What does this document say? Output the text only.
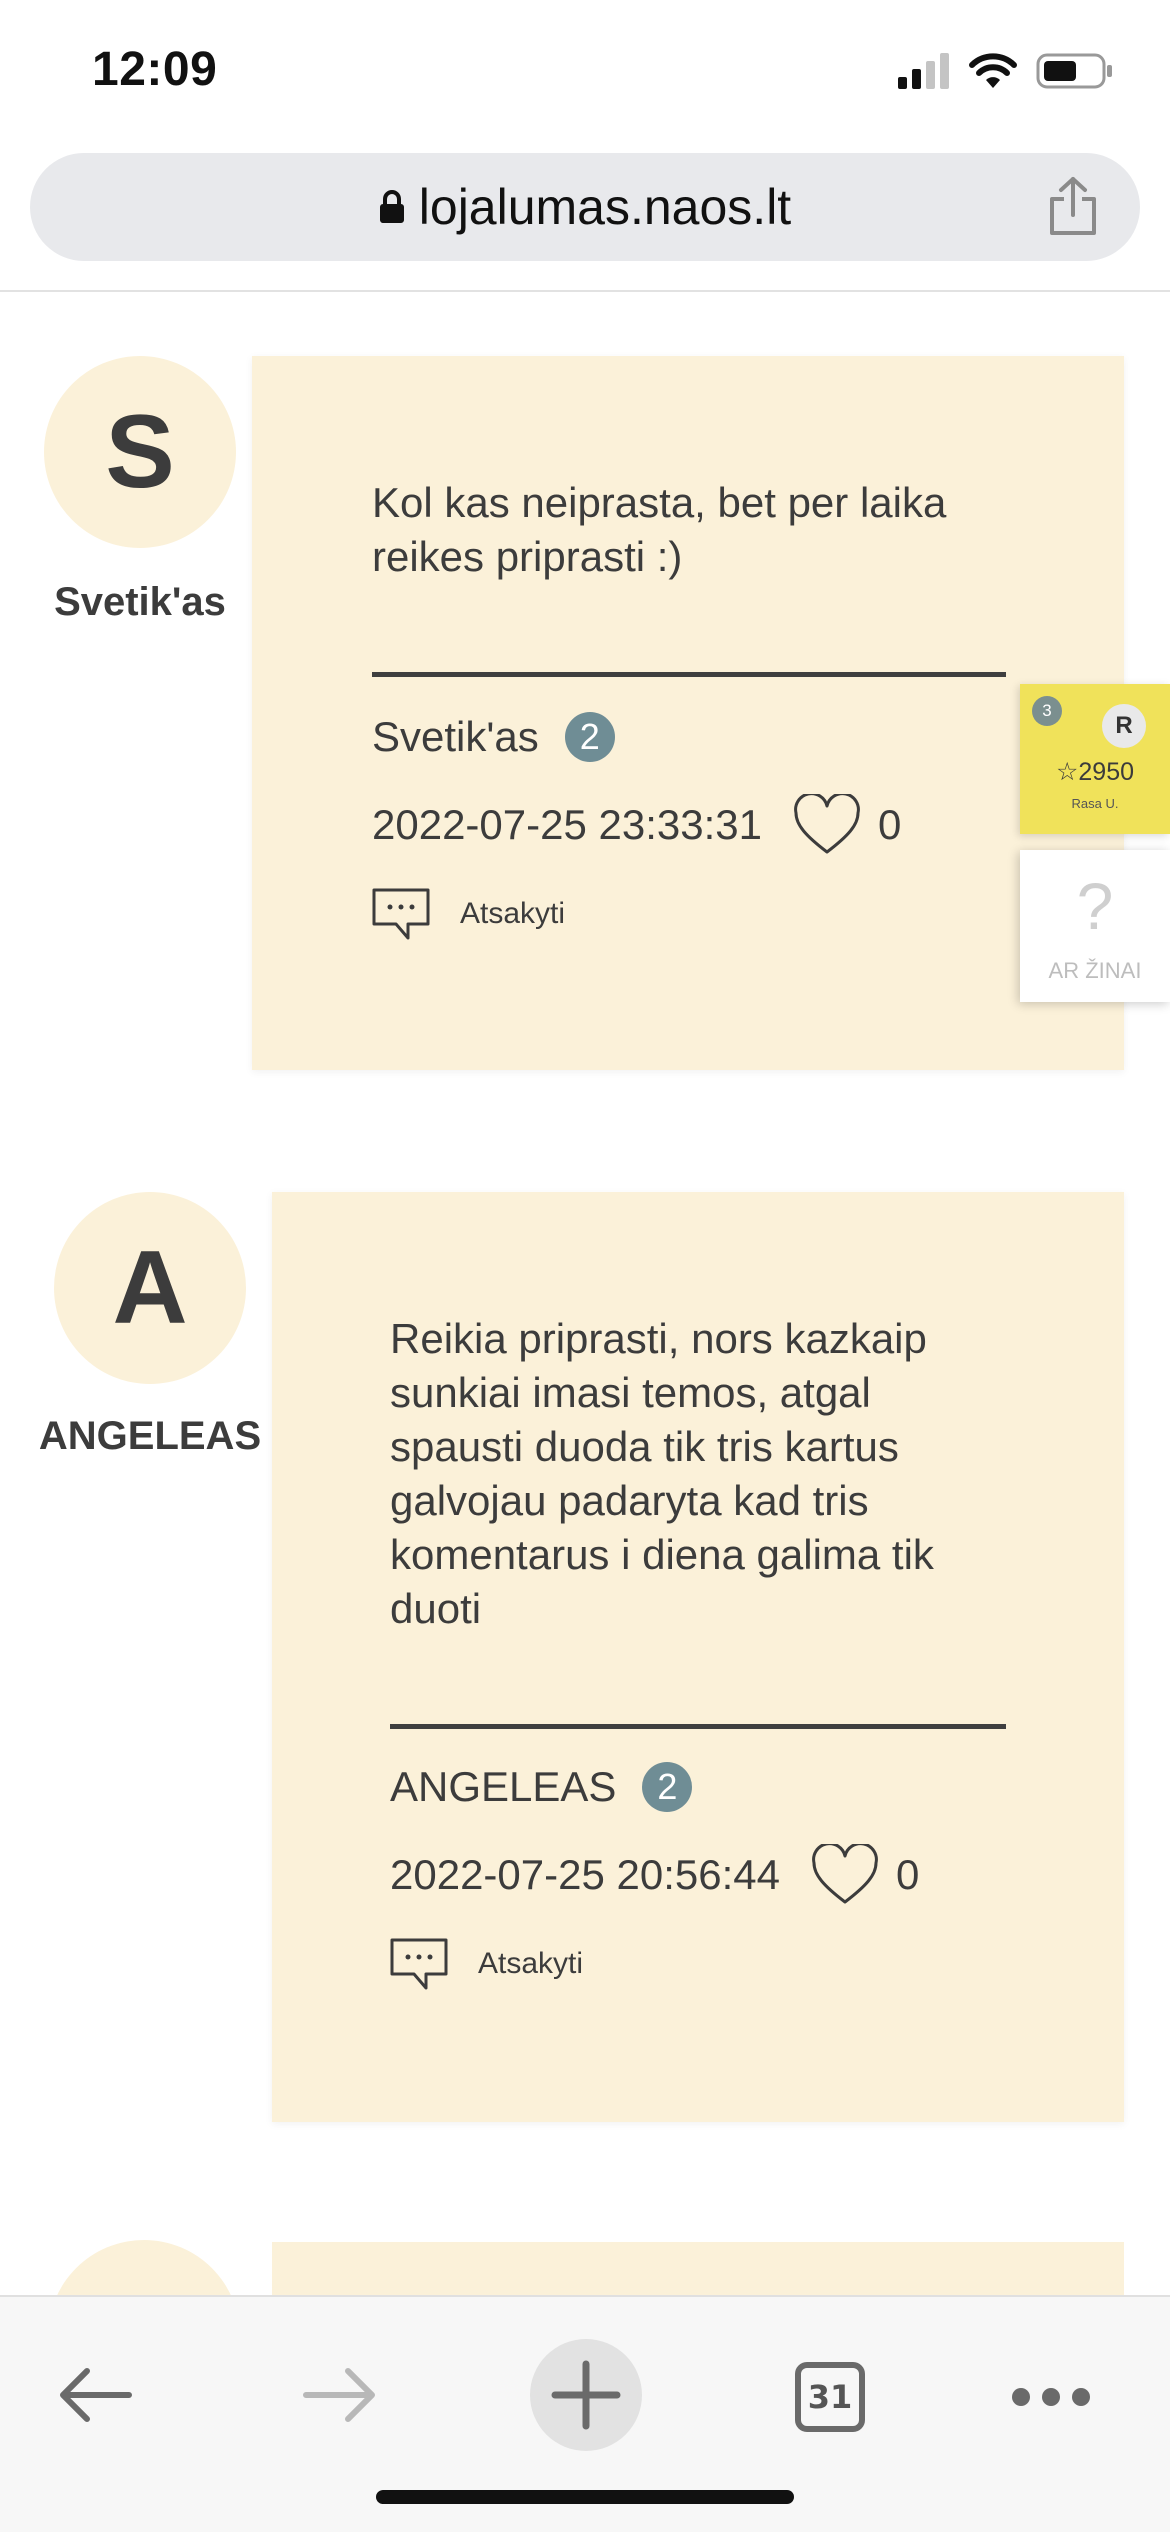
12:09
lojalumas.naos.lt
S
Svetik'as
Kol kas neiprasta, bet per laika
reikes priprasti :)
Svetik'as	2
2022-07-25 23:33:31	0
Atsakyti
A
ANGELEAS
Reikia priprasti, nors kazkaip
sunkiai imasi temos, atgal
spausti duoda tik tris kartus
galvojau padaryta kad tris
komentarus i diena galima tik
duoti
ANGELEAS	2
2022-07-25 20:56:44	0
Atsakyti
3
R
☆2950
Rasa U.
?
AR ŽINAI
31
